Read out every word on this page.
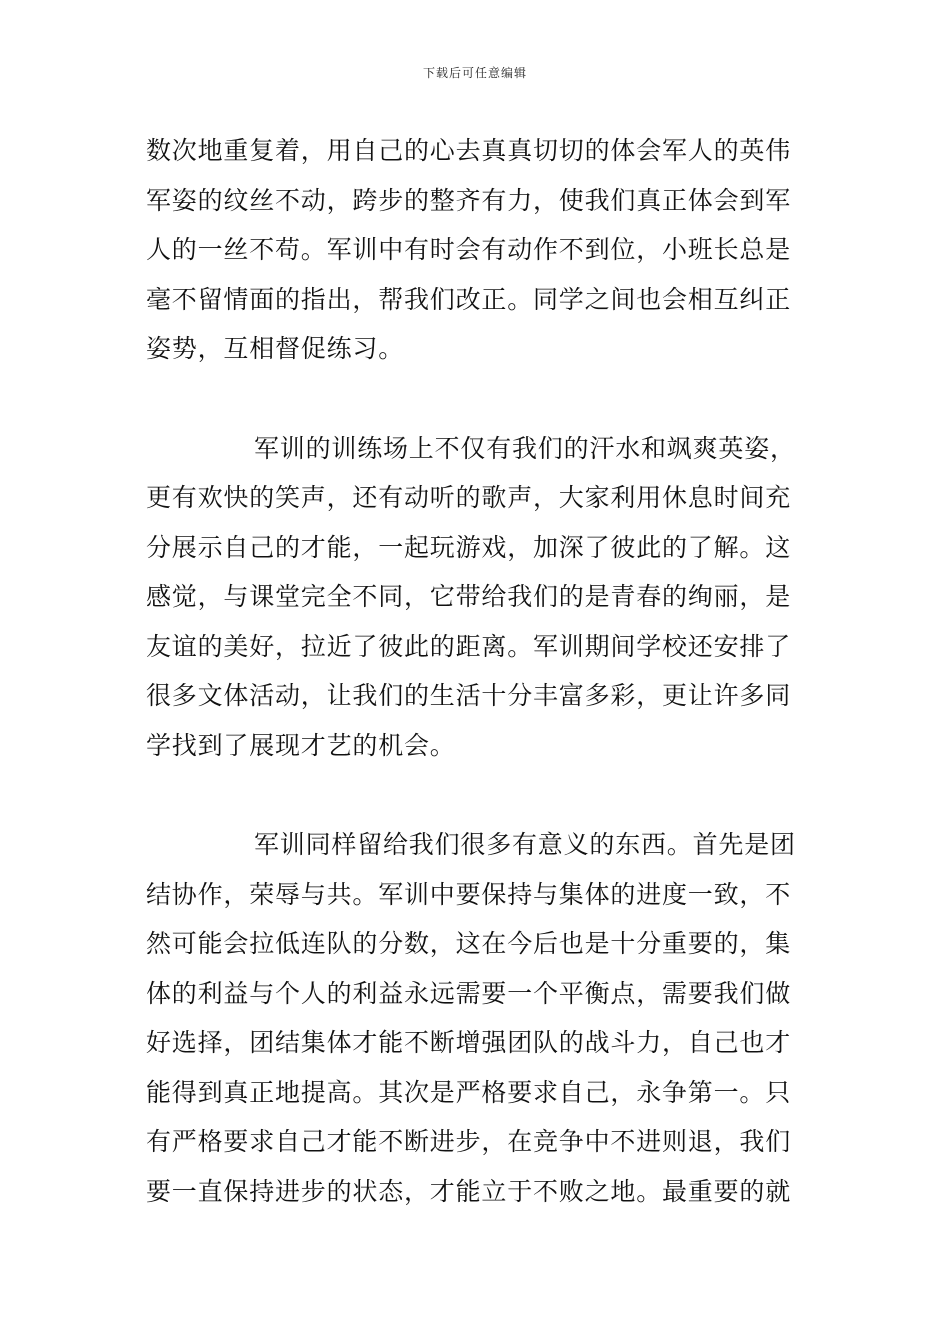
下载后可任意编辑
数次地重复着，用自己的心去真真切切的体会军人的英伟
军姿的纹丝不动，跨步的整齐有力，使我们真正体会到军
人的一丝不苟。军训中有时会有动作不到位，小班长总是
毫不留情面的指出，帮我们改正。同学之间也会相互纠正
姿势，互相督促练习。
军训的训练场上不仅有我们的汗水和飒爽英姿，
更有欢快的笑声，还有动听的歌声，大家利用休息时间充
分展示自己的才能，一起玩游戏，加深了彼此的了解。这
感觉，与课堂完全不同，它带给我们的是青春的绚丽，是
友谊的美好，拉近了彼此的距离。军训期间学校还安排了
很多文体活动，让我们的生活十分丰富多彩，更让许多同
学找到了展现才艺的机会。
军训同样留给我们很多有意义的东西。首先是团
结协作，荣辱与共。军训中要保持与集体的进度一致，不
然可能会拉低连队的分数，这在今后也是十分重要的，集
体的利益与个人的利益永远需要一个平衡点，需要我们做
好选择，团结集体才能不断增强团队的战斗力，自己也才
能得到真正地提高。其次是严格要求自己，永争第一。只
有严格要求自己才能不断进步，在竞争中不进则退，我们
要一直保持进步的状态，才能立于不败之地。最重要的就
